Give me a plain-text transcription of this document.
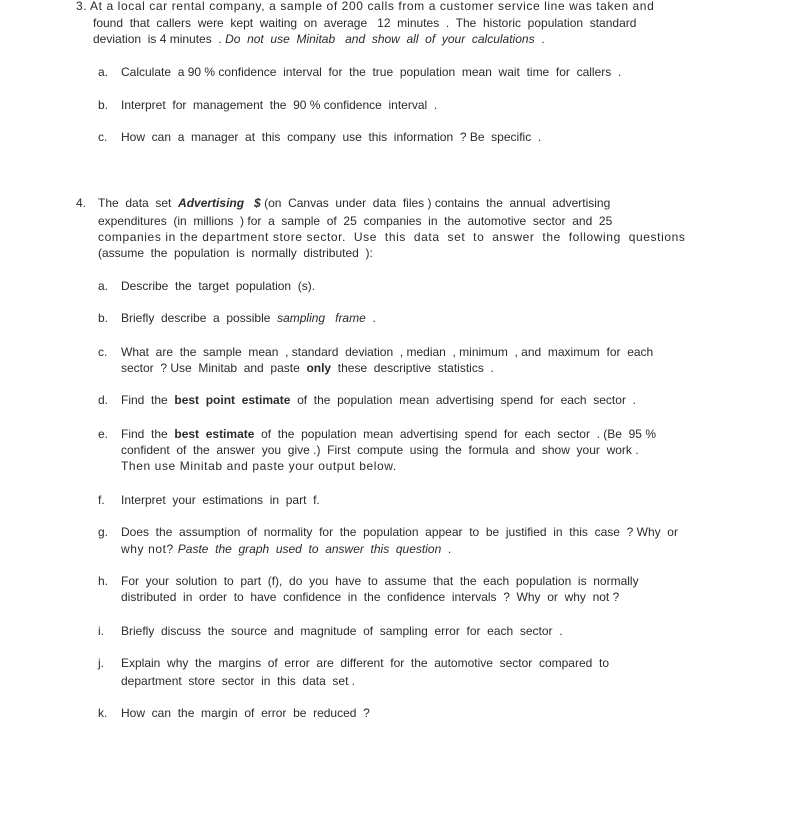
3. At a local car rental company, a sample of 200 calls from a customer service line was taken and
found  that  callers  were  kept  waiting  on  average   12  minutes  .  The  historic  population  standard
deviation  is 4 minutes  . Do  not  use  Minitab   and  show  all  of  your  calculations  .
a. Calculate  a 90 % confidence  interval  for  the  true  population  mean  wait  time  for  callers  .
b. Interpret  for  management  the  90 % confidence  interval  .
c. How  can  a  manager  at  this  company  use  this  information  ? Be  specific  .
4. The  data  set  Advertising   $ (on  Canvas  under  data  files ) contains  the  annual  advertising
expenditures  (in  millions  ) for  a  sample  of  25  companies  in  the  automotive  sector  and  25
companies in the department store sector.  Use  this  data  set  to  answer  the  following  questions
(assume  the  population  is  normally  distributed  ):
a. Describe  the  target  population  (s).
b. Briefly  describe  a  possible  sampling   frame  .
c. What  are  the  sample  mean  , standard  deviation  , median  , minimum  , and  maximum  for  each
sector  ? Use  Minitab  and  paste  only  these  descriptive  statistics  .
d. Find  the  best  point  estimate  of  the  population  mean  advertising  spend  for  each  sector  .
e. Find  the  best  estimate  of  the  population  mean  advertising  spend  for  each  sector  . (Be  95 %
confident  of  the  answer  you  give .)  First  compute  using  the  formula  and  show  your  work .
Then use Minitab and paste your output below.
f. Interpret  your  estimations  in  part  f.
g. Does  the  assumption  of  normality  for  the  population  appear  to  be  justified  in  this  case  ? Why  or
why not? Paste  the  graph  used  to  answer  this  question  .
h. For  your  solution  to  part  (f),  do  you  have  to  assume  that  the  each  population  is  normally
distributed  in  order  to  have  confidence  in  the  confidence  intervals  ?  Why  or  why  not ?
i. Briefly  discuss  the  source  and  magnitude  of  sampling  error  for  each  sector  .
j. Explain  why  the  margins  of  error  are  different  for  the  automotive  sector  compared  to
department  store  sector  in  this  data  set .
k. How  can  the  margin  of  error  be  reduced  ?
